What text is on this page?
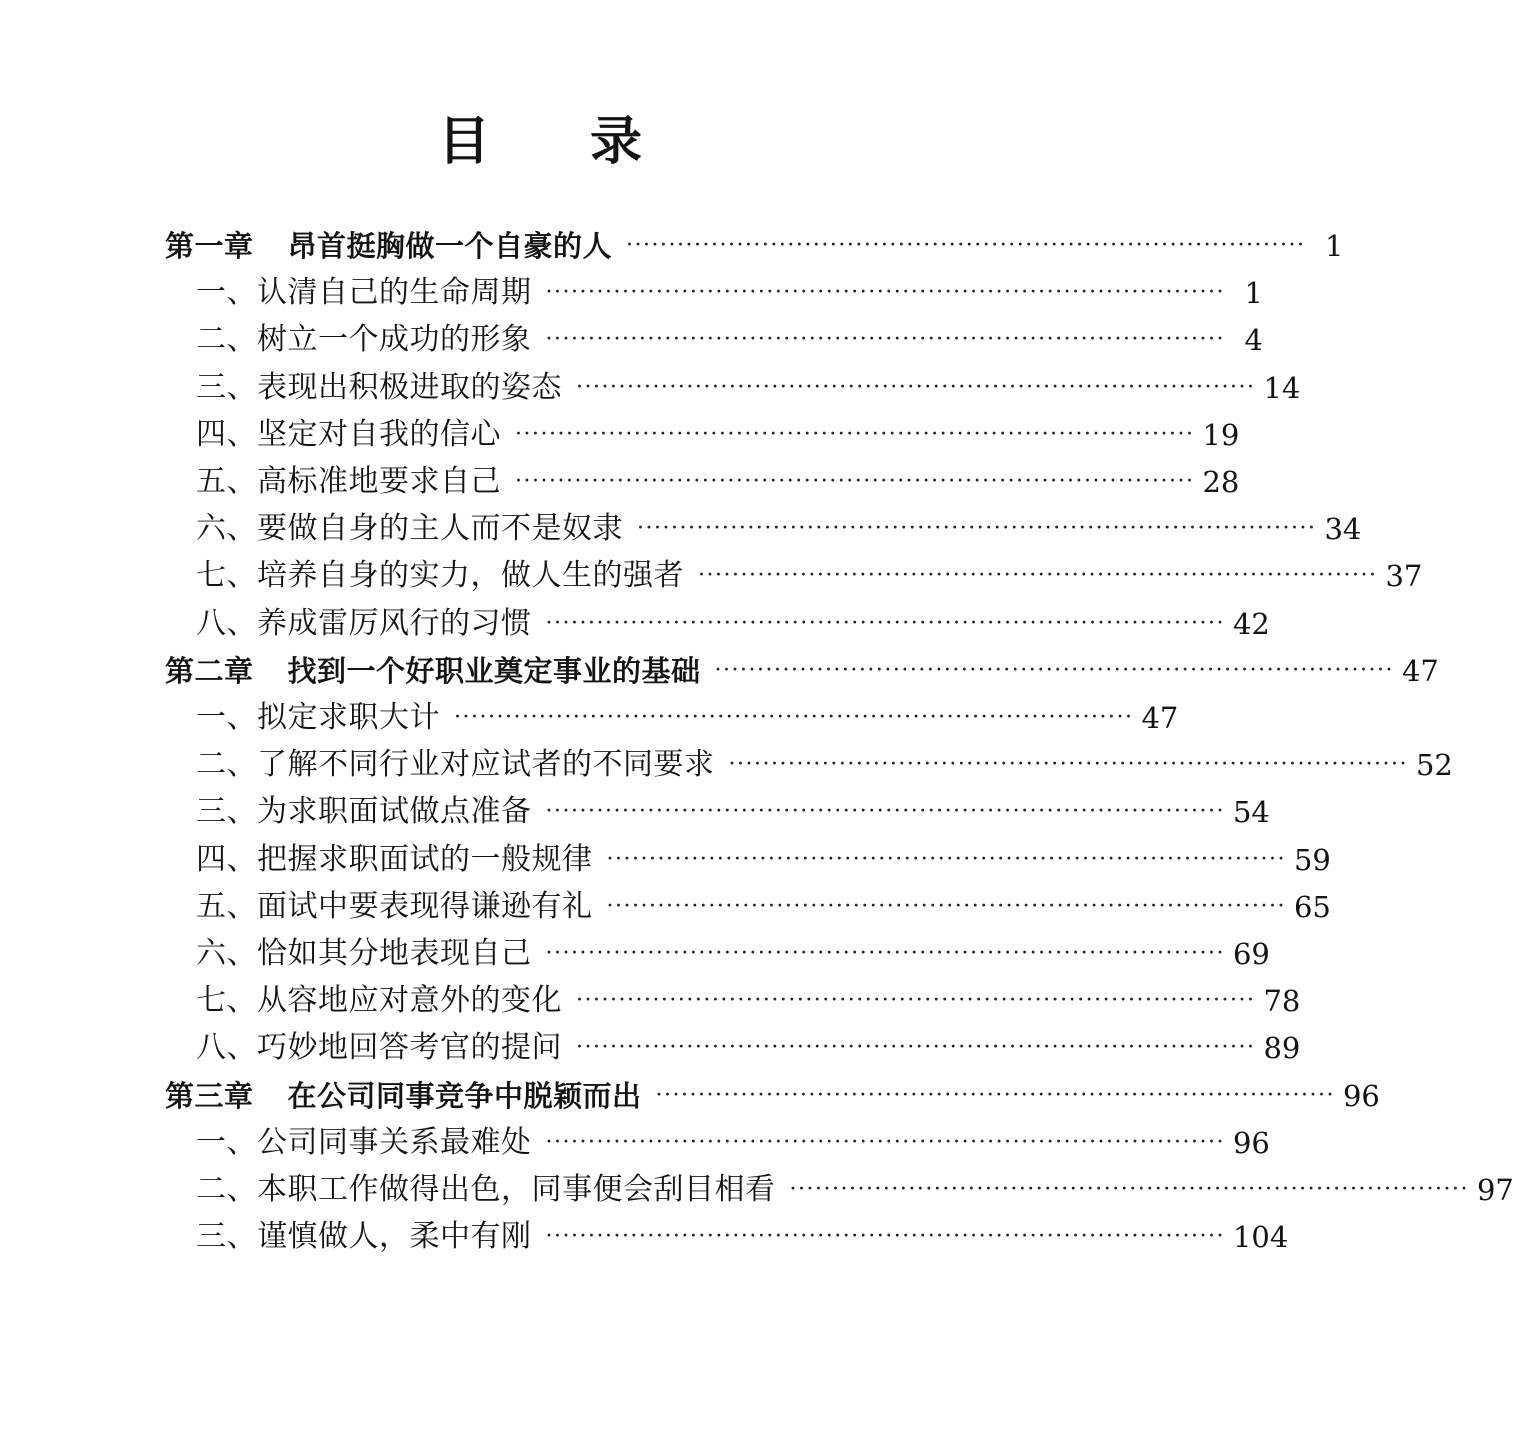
目 录
第一章 昂首挺胸做一个自豪的人 ················································································ 1
一、认清自己的生命周期 ················································································ 1
二、树立一个成功的形象 ················································································ 4
三、表现出积极进取的姿态 ················································································ 14
四、坚定对自我的信心 ················································································ 19
五、高标准地要求自己 ················································································ 28
六、要做自身的主人而不是奴隶 ················································································ 34
七、培养自身的实力，做人生的强者 ················································································ 37
八、养成雷厉风行的习惯 ················································································ 42
第二章 找到一个好职业奠定事业的基础 ················································································ 47
一、拟定求职大计 ················································································ 47
二、了解不同行业对应试者的不同要求 ················································································ 52
三、为求职面试做点准备 ················································································ 54
四、把握求职面试的一般规律 ················································································ 59
五、面试中要表现得谦逊有礼 ················································································ 65
六、恰如其分地表现自己 ················································································ 69
七、从容地应对意外的变化 ················································································ 78
八、巧妙地回答考官的提问 ················································································ 89
第三章 在公司同事竞争中脱颖而出 ················································································ 96
一、公司同事关系最难处 ················································································ 96
二、本职工作做得出色，同事便会刮目相看 ················································································ 97
三、谨慎做人，柔中有刚 ················································································ 104
